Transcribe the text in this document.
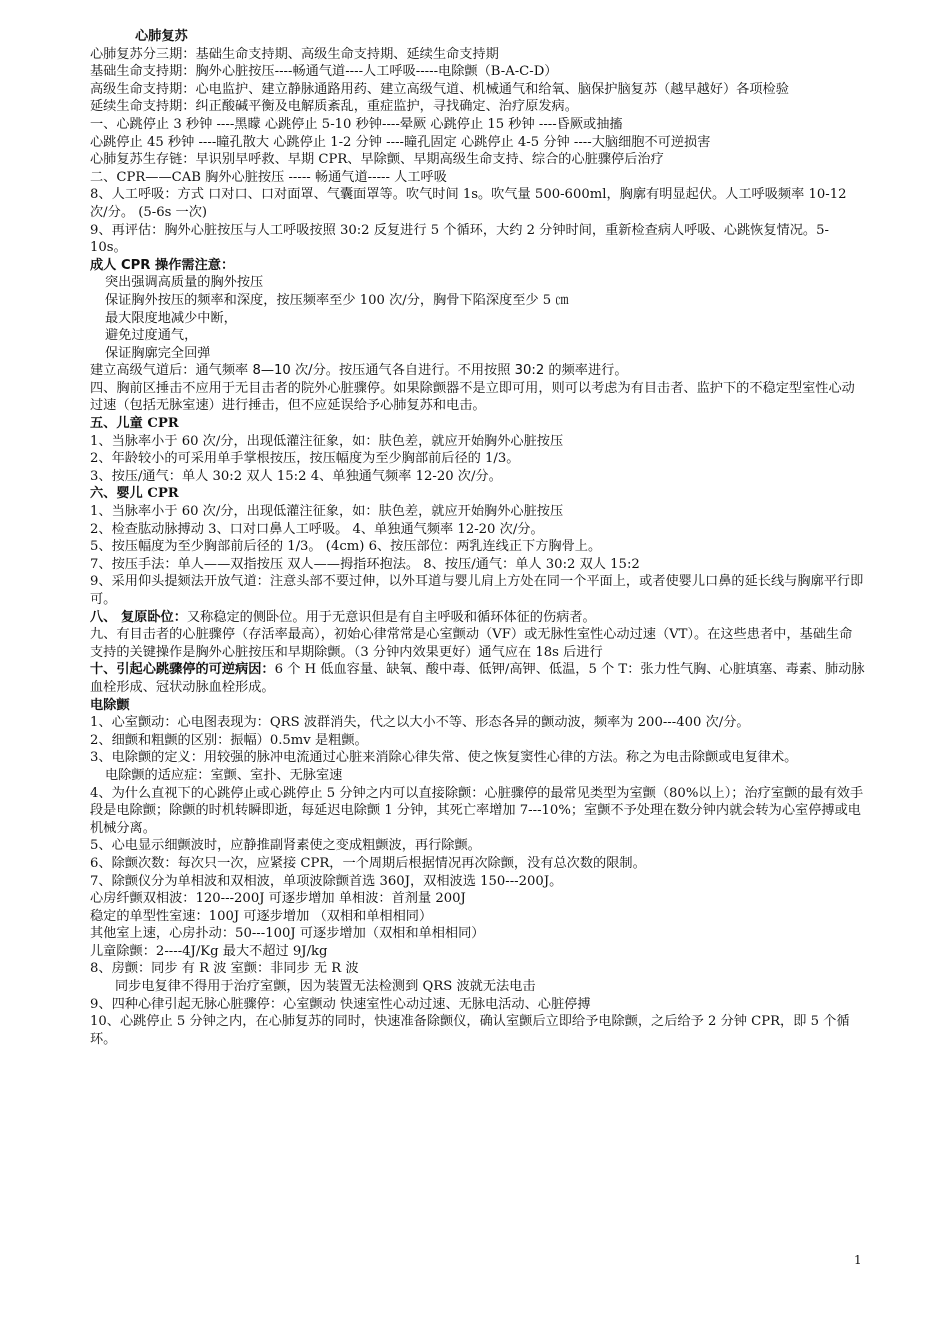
心肺复苏
心肺复苏分三期：基础生命支持期、高级生命支持期、延续生命支持期
基础生命支持期：胸外心脏按压----畅通气道----人工呼吸-----电除颤（B-A-C-D）
高级生命支持期：心电监护、建立静脉通路用药、建立高级气道、机械通气和给氧、脑保护脑复苏（越早越好）各项检验
延续生命支持期：纠正酸碱平衡及电解质紊乱，重症监护，寻找确定、治疗原发病。
一、心跳停止 3 秒钟 ----黑矇 心跳停止 5-10 秒钟----晕厥 心跳停止 15 秒钟 ----昏厥或抽搐
心跳停止 45 秒钟 ----瞳孔散大 心跳停止 1-2 分钟 ----瞳孔固定 心跳停止 4-5 分钟 ----大脑细胞不可逆损害
心肺复苏生存链：早识别早呼救、早期 CPR、早除颤、早期高级生命支持、综合的心脏骤停后治疗
二、CPR——CAB 胸外心脏按压 ----- 畅通气道----- 人工呼吸
8、人工呼吸：方式 口对口、口对面罩、气囊面罩等。吹气时间 1s。吹气量 500-600ml，胸廓有明显起伏。人工呼吸频率 10-12 次/分。 (5-6s 一次)
9、再评估：胸外心脏按压与人工呼吸按照 30:2 反复进行 5 个循环，大约 2 分钟时间，重新检查病人呼吸、心跳恢复情况。5-10s。
成人 CPR 操作需注意：
突出强调高质量的胸外按压
保证胸外按压的频率和深度，按压频率至少 100 次/分，胸骨下陷深度至少 5 ㎝
最大限度地减少中断，
避免过度通气，
保证胸廓完全回弹
建立高级气道后：通气频率 8—10 次/分。按压通气各自进行。不用按照 30:2 的频率进行。
四、胸前区捶击不应用于无目击者的院外心脏骤停。如果除颤器不是立即可用，则可以考虑为有目击者、监护下的不稳定型室性心动过速（包括无脉室速）进行捶击，但不应延误给予心肺复苏和电击。
五、儿童 CPR
1、当脉率小于 60 次/分，出现低灌注征象，如：肤色差，就应开始胸外心脏按压
2、年龄较小的可采用单手掌根按压，按压幅度为至少胸部前后径的 1/3。
3、按压/通气：单人 30:2 双人 15:2 4、单独通气频率 12-20 次/分。
六、婴儿 CPR
1、当脉率小于 60 次/分，出现低灌注征象，如：肤色差，就应开始胸外心脏按压
2、检查肱动脉搏动 3、口对口鼻人工呼吸。 4、单独通气频率 12-20 次/分。
5、按压幅度为至少胸部前后径的 1/3。 (4cm) 6、按压部位：两乳连线正下方胸骨上。
7、按压手法：单人——双指按压 双人——拇指环抱法。 8、按压/通气：单人 30:2 双人 15:2
9、采用仰头提颏法开放气道：注意头部不要过伸，以外耳道与婴儿肩上方处在同一个平面上，或者使婴儿口鼻的延长线与胸廓平行即可。
八、 复原卧位：又称稳定的侧卧位。用于无意识但是有自主呼吸和循环体征的伤病者。
九、有目击者的心脏骤停（存活率最高），初始心律常常是心室颤动（VF）或无脉性室性心动过速（VT）。在这些患者中，基础生命支持的关键操作是胸外心脏按压和早期除颤。（3 分钟内效果更好）通气应在 18s 后进行
十、引起心跳骤停的可逆病因：6 个 H 低血容量、缺氧、酸中毒、低钾/高钾、低温，5 个 T：张力性气胸、心脏填塞、毒素、肺动脉血栓形成、冠状动脉血栓形成。
电除颤
1、心室颤动：心电图表现为：QRS 波群消失，代之以大小不等、形态各异的颤动波，频率为 200---400 次/分。
2、细颤和粗颤的区别：振幅）0.5mv 是粗颤。
3、电除颤的定义：用较强的脉冲电流通过心脏来消除心律失常、使之恢复窦性心律的方法。称之为电击除颤或电复律术。
电除颤的适应症：室颤、室扑、无脉室速
4、为什么直视下的心跳停止或心跳停止 5 分钟之内可以直接除颤：心脏骤停的最常见类型为室颤（80%以上）；治疗室颤的最有效手段是电除颤；除颤的时机转瞬即逝，每延迟电除颤 1 分钟，其死亡率增加 7---10%；室颤不予处理在数分钟内就会转为心室停搏或电机械分离。
5、心电显示细颤波时，应静推副肾素使之变成粗颤波，再行除颤。
6、除颤次数：每次只一次，应紧接 CPR，一个周期后根据情况再次除颤，没有总次数的限制。
7、除颤仪分为单相波和双相波，单项波除颤首选 360J，双相波选 150---200J。
心房纤颤双相波：120---200J 可逐步增加 单相波：首剂量 200J
稳定的单型性室速：100J 可逐步增加 （双相和单相相同）
其他室上速，心房扑动：50---100J 可逐步增加（双相和单相相同）
儿童除颤：2----4J/Kg 最大不超过 9J/kg
8、房颤：同步 有 R 波 室颤：非同步 无 R 波
同步电复律不得用于治疗室颤，因为装置无法检测到 QRS 波就无法电击
9、四种心律引起无脉心脏骤停：心室颤动 快速室性心动过速、无脉电活动、心脏停搏
10、心跳停止 5 分钟之内，在心肺复苏的同时，快速准备除颤仪，确认室颤后立即给予电除颤，之后给予 2 分钟 CPR，即 5 个循环。
1
